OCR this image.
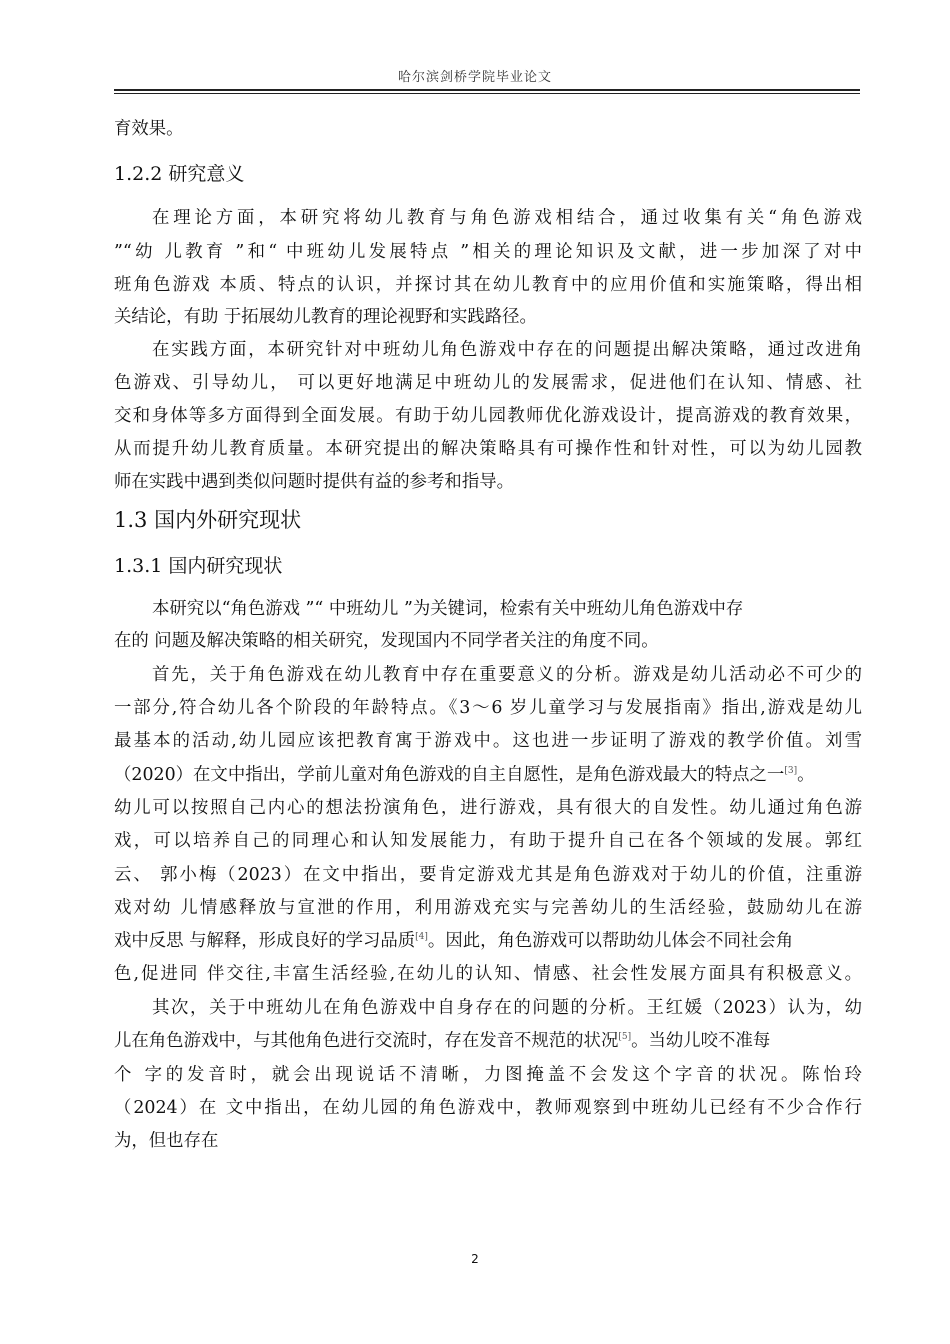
哈尔滨剑桥学院毕业论文
育效果。
1.2.2 研究意义
在理论方面，本研究将幼儿教育与角色游戏相结合，通过收集有关“角色游戏
”“幼 儿教育 ”和“ 中班幼儿发展特点 ”相关的理论知识及文献，进一步加深了对中
班角色游戏 本质、特点的认识，并探讨其在幼儿教育中的应用价值和实施策略，得出相
关结论，有助 于拓展幼儿教育的理论视野和实践路径。
在实践方面，本研究针对中班幼儿角色游戏中存在的问题提出解决策略，通过改进角
色游戏、引导幼儿， 可以更好地满足中班幼儿的发展需求，促进他们在认知、情感、社
交和身体等多方面得到全面发展。有助于幼儿园教师优化游戏设计，提高游戏的教育效果，
从而提升幼儿教育质量。本研究提出的解决策略具有可操作性和针对性，可以为幼儿园教
师在实践中遇到类似问题时提供有益的参考和指导。
1.3 国内外研究现状
1.3.1 国内研究现状
本研究以“角色游戏 ”“ 中班幼儿 ”为关键词，检索有关中班幼儿角色游戏中存
在的 问题及解决策略的相关研究，发现国内不同学者关注的角度不同。
首先，关于角色游戏在幼儿教育中存在重要意义的分析。游戏是幼儿活动必不可少的
一部分,符合幼儿各个阶段的年龄特点。《3～6 岁儿童学习与发展指南》指出,游戏是幼儿
最基本的活动,幼儿园应该把教育寓于游戏中。这也进一步证明了游戏的教学价值。刘雪
（2020）在文中指出，学前儿童对角色游戏的自主自愿性，是角色游戏最大的特点之一[3]。
幼儿可以按照自己内心的想法扮演角色，进行游戏，具有很大的自发性。幼儿通过角色游
戏，可以培养自己的同理心和认知发展能力，有助于提升自己在各个领域的发展。郭红
云、 郭小梅（2023）在文中指出，要肯定游戏尤其是角色游戏对于幼儿的价值，注重游
戏对幼 儿情感释放与宣泄的作用，利用游戏充实与完善幼儿的生活经验，鼓励幼儿在游
戏中反思 与解释，形成良好的学习品质[4]。因此，角色游戏可以帮助幼儿体会不同社会角
色,促进同 伴交往,丰富生活经验,在幼儿的认知、情感、社会性发展方面具有积极意义。
其次，关于中班幼儿在角色游戏中自身存在的问题的分析。王红媛（2023）认为，幼
儿在角色游戏中，与其他角色进行交流时，存在发音不规范的状况[5]。当幼儿咬不准每
个 字的发音时，就会出现说话不清晰，力图掩盖不会发这个字音的状况。陈怡玲
（2024）在 文中指出，在幼儿园的角色游戏中，教师观察到中班幼儿已经有不少合作行
为，但也存在
2
